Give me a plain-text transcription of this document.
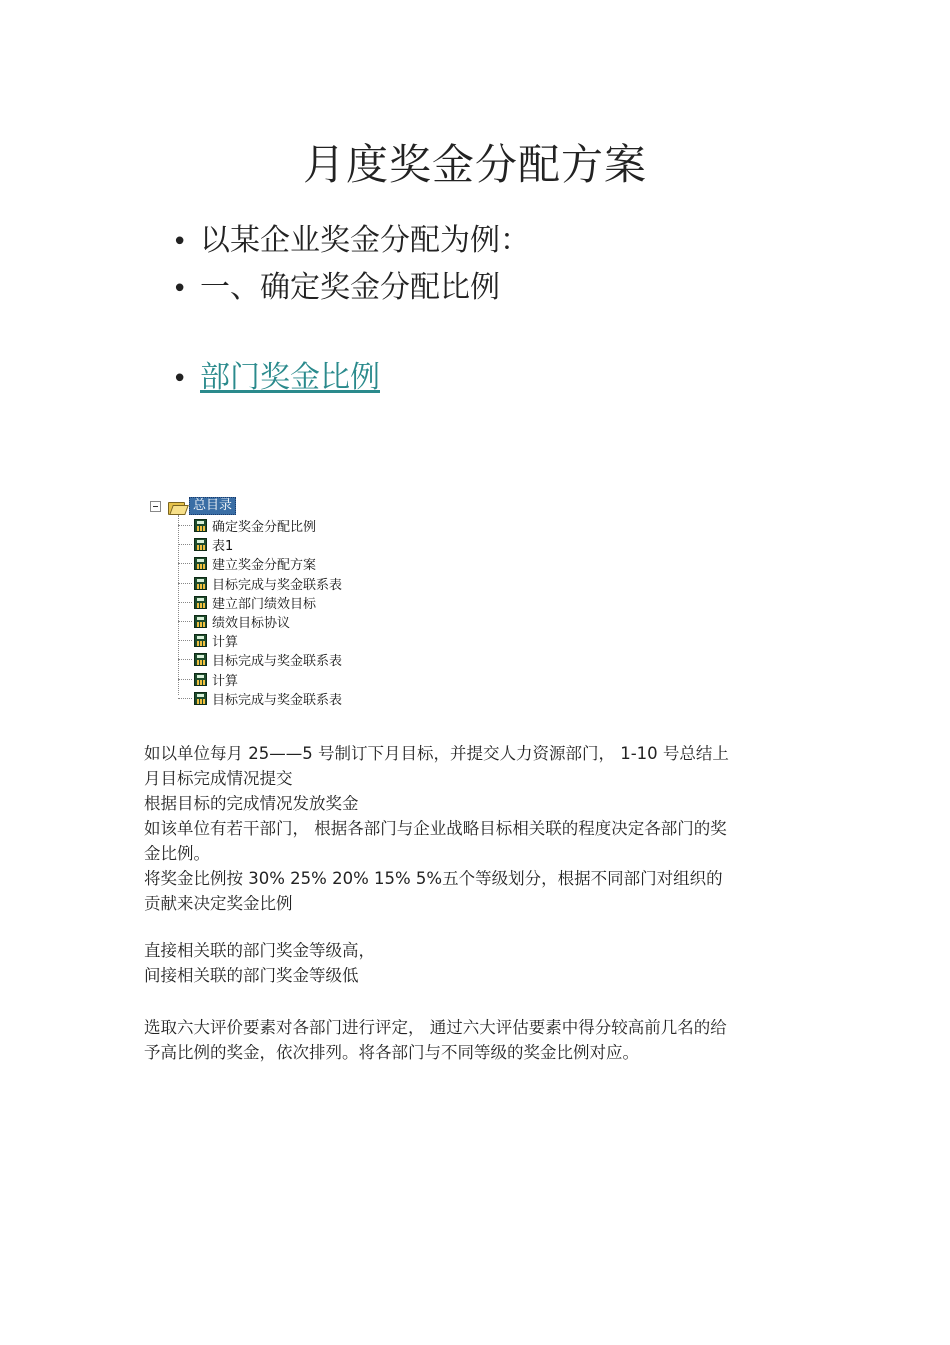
月度奖金分配方案
• 以某企业奖金分配为例：
• 一、确定奖金分配比例
• 部门奖金比例
总目录
确定奖金分配比例
表1
建立奖金分配方案
目标完成与奖金联系表
建立部门绩效目标
绩效目标协议
计算
目标完成与奖金联系表
计算
目标完成与奖金联系表

如以单位每月 25——5 号制订下月目标，并提交人力资源部门， 1-10 号总结上

月目标完成情况提交

根据目标的完成情况发放奖金

如该单位有若干部门， 根据各部门与企业战略目标相关联的程度决定各部门的奖

金比例。

将奖金比例按 30% 25% 20% 15% 5%五个等级划分，根据不同部门对组织的

贡献来决定奖金比例

直接相关联的部门奖金等级高，

间接相关联的部门奖金等级低

选取六大评价要素对各部门进行评定， 通过六大评估要素中得分较高前几名的给

予高比例的奖金，依次排列。将各部门与不同等级的奖金比例对应。
